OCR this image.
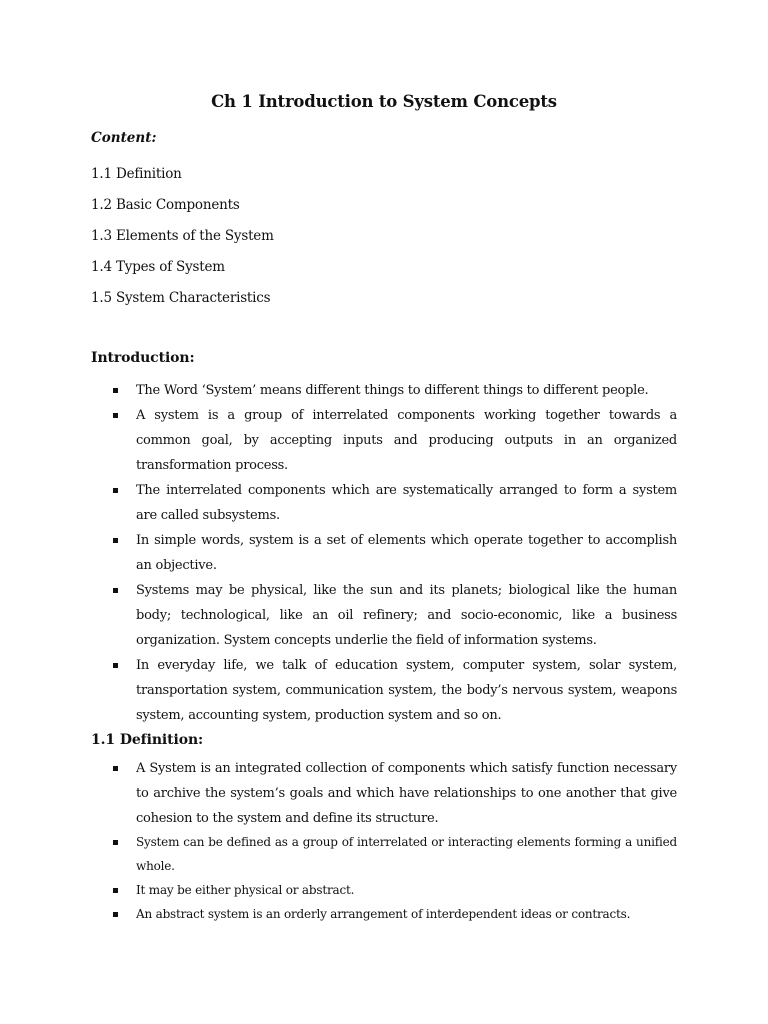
Ch 1 Introduction to System Concepts
Content:
1.1 Definition
1.2 Basic Components
1.3 Elements of the System
1.4 Types of System
1.5 System Characteristics
Introduction:
The Word ‘System’ means different things to different things to different people.
A system is a group of interrelated components working together towards a common goal, by accepting inputs and producing outputs in an organized transformation process.
The interrelated components which are systematically arranged to form a system are called subsystems.
In simple words, system is a set of elements which operate together to accomplish an objective.
Systems may be physical, like the sun and its planets; biological like the human body; technological, like an oil refinery; and socio-economic, like a business organization. System concepts underlie the field of information systems.
In everyday life, we talk of education system, computer system, solar system, transportation system, communication system, the body’s nervous system, weapons system, accounting system, production system and so on.
1.1 Definition:
A System is an integrated collection of components which satisfy function necessary to archive the system’s goals and which have relationships to one another that give cohesion to the system and define its structure.
System can be defined as a group of interrelated or interacting elements forming a unified whole.
It may be either physical or abstract.
An abstract system is an orderly arrangement of interdependent ideas or contracts.
